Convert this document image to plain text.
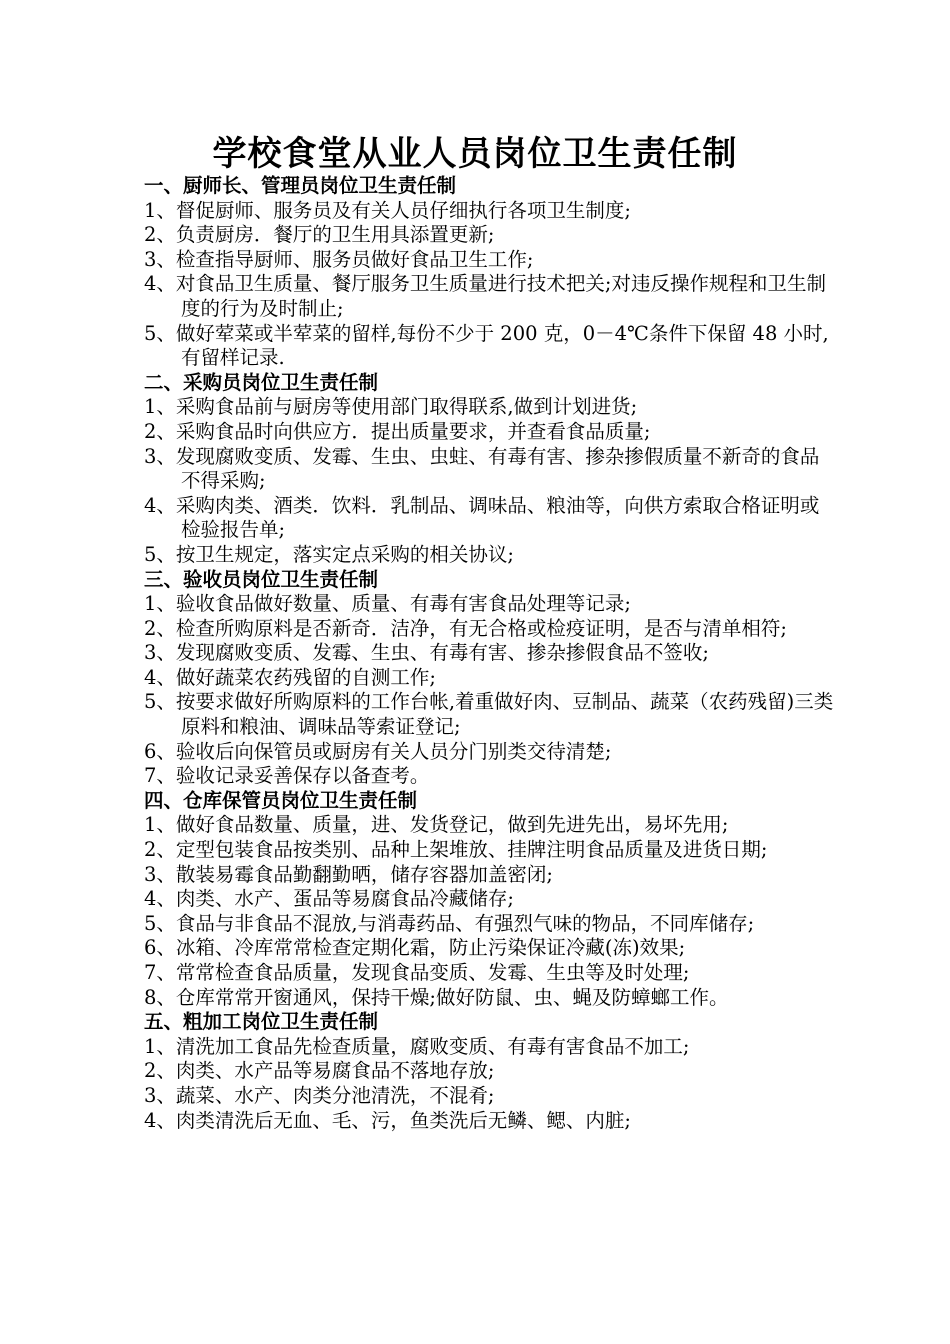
学校食堂从业人员岗位卫生责任制
一、厨师长、管理员岗位卫生责任制
1、督促厨师、服务员及有关人员仔细执行各项卫生制度;
2、负责厨房．餐厅的卫生用具添置更新;
3、检查指导厨师、服务员做好食品卫生工作;
4、对食品卫生质量、餐厅服务卫生质量进行技术把关;对违反操作规程和卫生制度的行为及时制止;
5、做好荤菜或半荤菜的留样,每份不少于 200 克，0－4℃条件下保留 48 小时,有留样记录.
二、采购员岗位卫生责任制
1、采购食品前与厨房等使用部门取得联系,做到计划进货;
2、采购食品时向供应方．提出质量要求，并查看食品质量;
3、发现腐败变质、发霉、生虫、虫蛀、有毒有害、掺杂掺假质量不新奇的食品不得采购;
4、采购肉类、酒类．饮料．乳制品、调味品、粮油等，向供方索取合格证明或检验报告单;
5、按卫生规定，落实定点采购的相关协议;
三、验收员岗位卫生责任制
1、验收食品做好数量、质量、有毒有害食品处理等记录;
2、检查所购原料是否新奇．洁净，有无合格或检疫证明，是否与清单相符;
3、发现腐败变质、发霉、生虫、有毒有害、掺杂掺假食品不签收;
4、做好蔬菜农药残留的自测工作;
5、按要求做好所购原料的工作台帐,着重做好肉、豆制品、蔬菜（农药残留)三类原料和粮油、调味品等索证登记;
6、验收后向保管员或厨房有关人员分门别类交待清楚;
7、验收记录妥善保存以备查考。
四、仓库保管员岗位卫生责任制
1、做好食品数量、质量，进、发货登记，做到先进先出，易坏先用;
2、定型包装食品按类别、品种上架堆放、挂牌注明食品质量及进货日期;
3、散装易霉食品勤翻勤晒，储存容器加盖密闭;
4、肉类、水产、蛋品等易腐食品冷藏储存;
5、食品与非食品不混放,与消毒药品、有强烈气味的物品，不同库储存;
6、冰箱、冷库常常检查定期化霜，防止污染保证冷藏(冻)效果;
7、常常检查食品质量，发现食品变质、发霉、生虫等及时处理;
8、仓库常常开窗通风，保持干燥;做好防鼠、虫、蝇及防蟑螂工作。
五、粗加工岗位卫生责任制
1、清洗加工食品先检查质量，腐败变质、有毒有害食品不加工;
2、肉类、水产品等易腐食品不落地存放;
3、蔬菜、水产、肉类分池清洗，不混肴;
4、肉类清洗后无血、毛、污，鱼类洗后无鳞、鳃、内脏;
